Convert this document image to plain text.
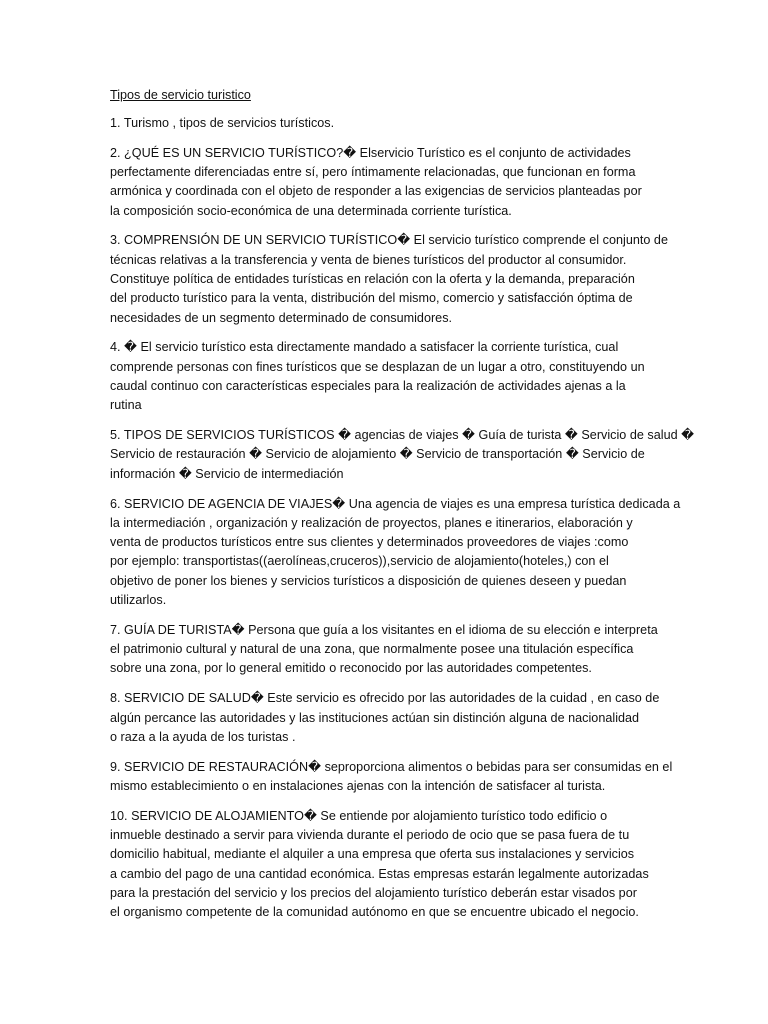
Tipos de servicio turistico

1. Turismo , tipos de servicios turísticos.

2. ¿QUÉ ES UN SERVICIO TURÍSTICO?� Elservicio Turístico es el conjunto de actividades
perfectamente diferenciadas entre sí, pero íntimamente relacionadas, que funcionan en forma
armónica y coordinada con el objeto de responder a las exigencias de servicios planteadas por
la composición socio-económica de una determinada corriente turística.

3. COMPRENSIÓN DE UN SERVICIO TURÍSTICO� El servicio turístico comprende el conjunto de
técnicas relativas a la transferencia y venta de bienes turísticos del productor al consumidor.
Constituye política de entidades turísticas en relación con la oferta y la demanda, preparación
del producto turístico para la venta, distribución del mismo, comercio y satisfacción óptima de
necesidades de un segmento determinado de consumidores.

4. � El servicio turístico esta directamente mandado a satisfacer la corriente turística, cual
comprende personas con fines turísticos que se desplazan de un lugar a otro, constituyendo un
caudal continuo con características especiales para la realización de actividades ajenas a la
rutina

5. TIPOS DE SERVICIOS TURÍSTICOS � agencias de viajes � Guía de turista � Servicio de salud �
Servicio de restauración � Servicio de alojamiento � Servicio de transportación � Servicio de
información � Servicio de intermediación

6. SERVICIO DE AGENCIA DE VIAJES� Una agencia de viajes es una empresa turística dedicada a
la intermediación , organización y realización de proyectos, planes e itinerarios, elaboración y
venta de productos turísticos entre sus clientes y determinados proveedores de viajes :como
por ejemplo: transportistas((aerolíneas,cruceros)),servicio de alojamiento(hoteles,) con el
objetivo de poner los bienes y servicios turísticos a disposición de quienes deseen y puedan
utilizarlos.

7. GUÍA DE TURISTA� Persona que guía a los visitantes en el idioma de su elección e interpreta
el patrimonio cultural y natural de una zona, que normalmente posee una titulación específica
sobre una zona, por lo general emitido o reconocido por las autoridades competentes.

8. SERVICIO DE SALUD� Este servicio es ofrecido por las autoridades de la cuidad , en caso de
algún percance las autoridades y las instituciones actúan sin distinción alguna de nacionalidad
o raza a la ayuda de los turistas .

9. SERVICIO DE RESTAURACIÓN� seproporciona alimentos o bebidas para ser consumidas en el
mismo establecimiento o en instalaciones ajenas con la intención de satisfacer al turista.

10. SERVICIO DE ALOJAMIENTO� Se entiende por alojamiento turístico todo edificio o
inmueble destinado a servir para vivienda durante el periodo de ocio que se pasa fuera de tu
domicilio habitual, mediante el alquiler a una empresa que oferta sus instalaciones y servicios
a cambio del pago de una cantidad económica. Estas empresas estarán legalmente autorizadas
para la prestación del servicio y los precios del alojamiento turístico deberán estar visados por
el organismo competente de la comunidad autónomo en que se encuentre ubicado el negocio.
